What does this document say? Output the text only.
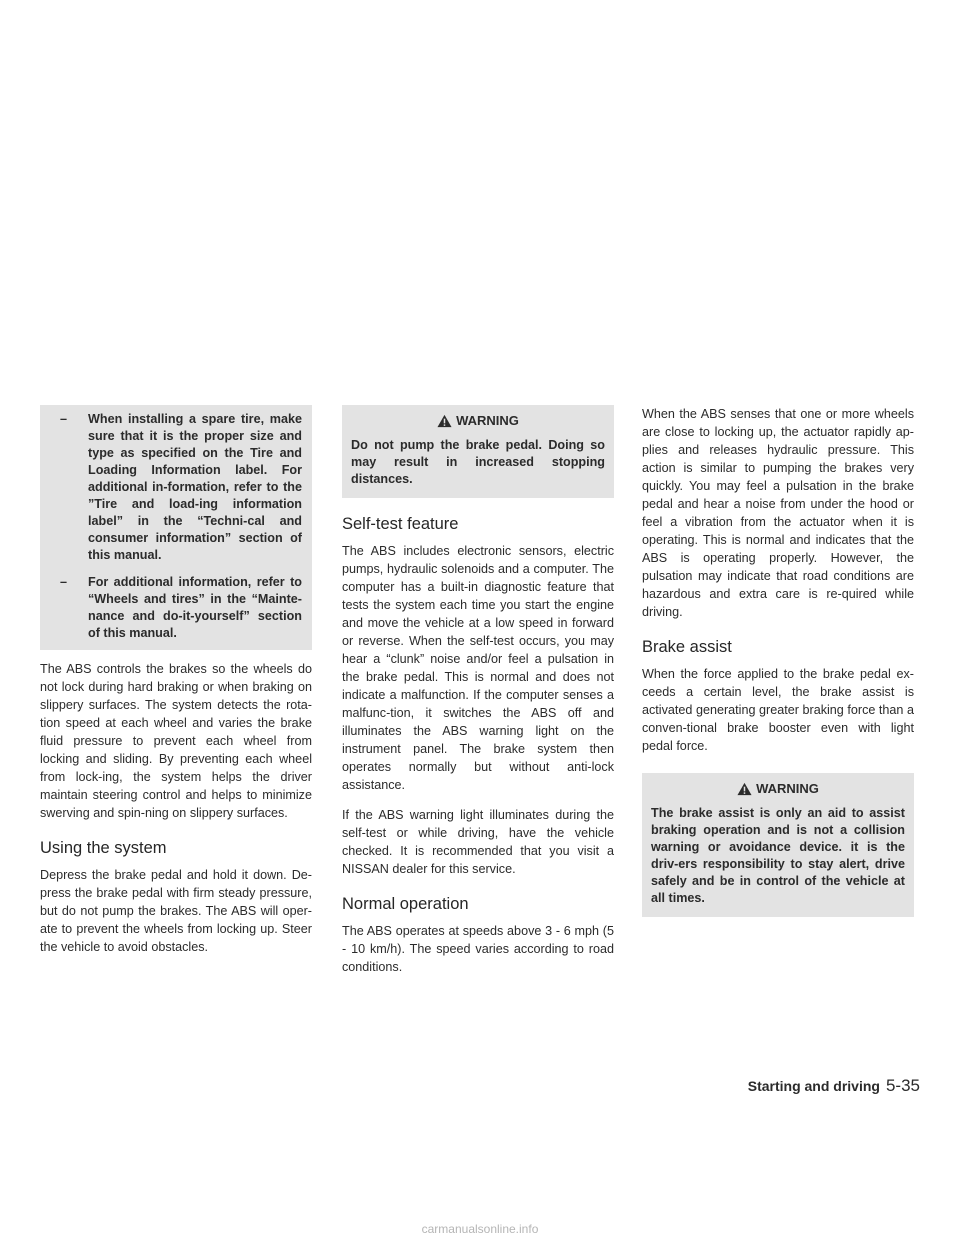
– When installing a spare tire, make sure that it is the proper size and type as specified on the Tire and Loading Information label. For additional in-formation, refer to the ”Tire and load-ing information label” in the “Techni-cal and consumer information” section of this manual.
– For additional information, refer to “Wheels and tires” in the “Mainte-nance and do-it-yourself” section of this manual.

The ABS controls the brakes so the wheels do not lock during hard braking or when braking on slippery surfaces. The system detects the rota-tion speed at each wheel and varies the brake fluid pressure to prevent each wheel from locking and sliding. By preventing each wheel from lock-ing, the system helps the driver maintain steering control and helps to minimize swerving and spin-ning on slippery surfaces.

Using the system

Depress the brake pedal and hold it down. De-press the brake pedal with firm steady pressure, but do not pump the brakes. The ABS will oper-ate to prevent the wheels from locking up. Steer the vehicle to avoid obstacles.

WARNING
Do not pump the brake pedal. Doing so may result in increased stopping distances.
Self-test feature

The ABS includes electronic sensors, electric pumps, hydraulic solenoids and a computer. The computer has a built-in diagnostic feature that tests the system each time you start the engine and move the vehicle at a low speed in forward or reverse. When the self-test occurs, you may hear a “clunk” noise and/or feel a pulsation in the brake pedal. This is normal and does not indicate a malfunction. If the computer senses a malfunc-tion, it switches the ABS off and illuminates the ABS warning light on the instrument panel. The brake system then operates normally but without anti-lock assistance.

If the ABS warning light illuminates during the self-test or while driving, have the vehicle checked. It is recommended that you visit a NISSAN dealer for this service.

Normal operation

The ABS operates at speeds above 3 - 6 mph (5 - 10 km/h). The speed varies according to road conditions.

When the ABS senses that one or more wheels are close to locking up, the actuator rapidly ap-plies and releases hydraulic pressure. This action is similar to pumping the brakes very quickly. You may feel a pulsation in the brake pedal and hear a noise from under the hood or feel a vibration from the actuator when it is operating. This is normal and indicates that the ABS is operating properly. However, the pulsation may indicate that road conditions are hazardous and extra care is re-quired while driving.

Brake assist

When the force applied to the brake pedal ex-ceeds a certain level, the brake assist is activated generating greater braking force than a conven-tional brake booster even with light pedal force.

WARNING
The brake assist is only an aid to assist braking operation and is not a collision warning or avoidance device. it is the driv-ers responsibility to stay alert, drive safely and be in control of the vehicle at all times.
Starting and driving 5-35
carmanualsonline.info
